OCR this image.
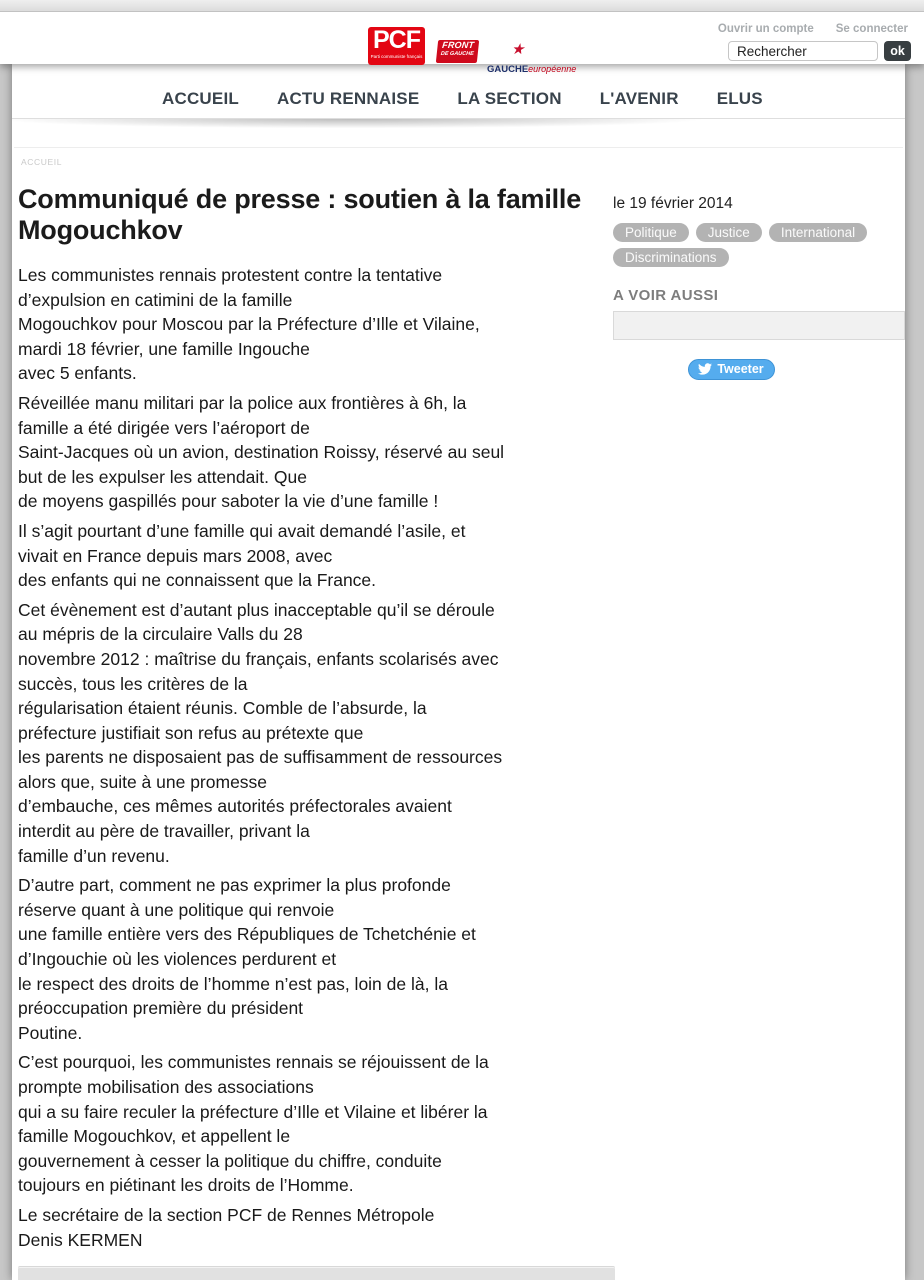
PCF
Parti communiste français
FRONT
DE GAUCHE ★
GAUCHEeuropéenne
Ouvrir un compte Se connecter
Rechercher
ok
ACCUEIL ACTU RENNAISE LA SECTION L'AVENIR ELUS
ACCUEIL
Communiqué de presse : soutien à la famille
Mogouchkov

Les communistes rennais protestent contre la tentative
d’expulsion en catimini de la famille
Mogouchkov pour Moscou par la Préfecture d’Ille et Vilaine,
mardi 18 février, une famille Ingouche
avec 5 enfants.

Réveillée manu militari par la police aux frontières à 6h, la
famille a été dirigée vers l’aéroport de
Saint-Jacques où un avion, destination Roissy, réservé au seul
but de les expulser les attendait. Que
de moyens gaspillés pour saboter la vie d’une famille !

Il s’agit pourtant d’une famille qui avait demandé l’asile, et
vivait en France depuis mars 2008, avec
des enfants qui ne connaissent que la France.

Cet évènement est d’autant plus inacceptable qu’il se déroule
au mépris de la circulaire Valls du 28
novembre 2012 : maîtrise du français, enfants scolarisés avec
succès, tous les critères de la
régularisation étaient réunis. Comble de l’absurde, la
préfecture justifiait son refus au prétexte que
les parents ne disposaient pas de suffisamment de ressources
alors que, suite à une promesse
d’embauche, ces mêmes autorités préfectorales avaient
interdit au père de travailler, privant la
famille d’un revenu.

D’autre part, comment ne pas exprimer la plus profonde
réserve quant à une politique qui renvoie
une famille entière vers des Républiques de Tchetchénie et
d’Ingouchie où les violences perdurent et
le respect des droits de l’homme n’est pas, loin de là, la
préoccupation première du président
Poutine.

C’est pourquoi, les communistes rennais se réjouissent de la
prompte mobilisation des associations
qui a su faire reculer la préfecture d’Ille et Vilaine et libérer la
famille Mogouchkov, et appellent le
gouvernement à cesser la politique du chiffre, conduite
toujours en piétinant les droits de l’Homme.

Le secrétaire de la section PCF de Rennes Métropole
Denis KERMEN

le 19 février 2014
Politique	Justice	International
Discriminations
A VOIR AUSSI
Tweeter
